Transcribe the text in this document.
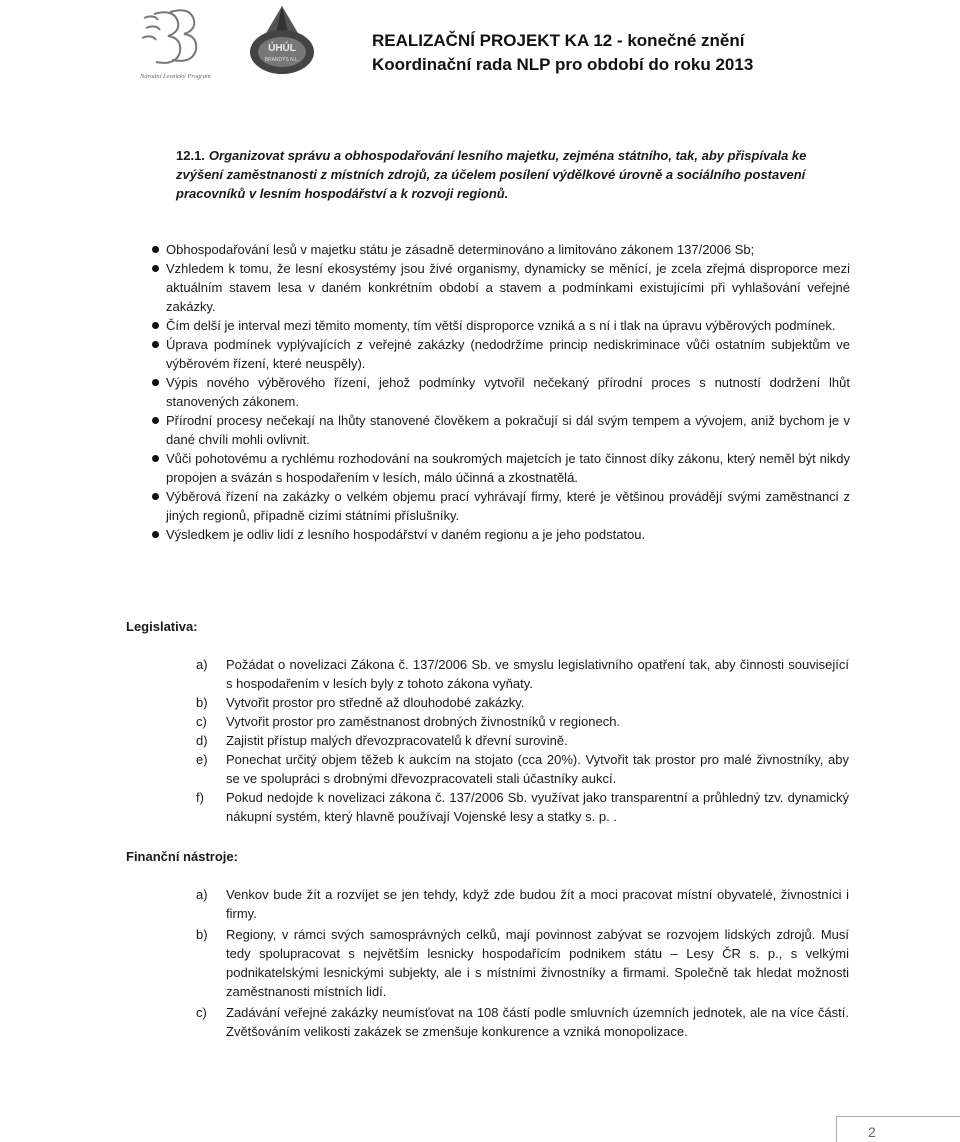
Národní Lesnický Program
ÚHÚL
BRANDÝS N.L.
REALIZAČNÍ PROJEKT KA 12 - konečné znění
Koordinační rada NLP pro období do roku 2013
12.1. Organizovat správu a obhospodařování lesního majetku, zejména státního, tak, aby přispívala ke zvýšení zaměstnanosti z místních zdrojů, za účelem posílení výdělkové úrovně a sociálního postavení pracovníků v lesním hospodářství a k rozvoji regionů.
Obhospodařování lesů v majetku státu je zásadně determinováno a limitováno zákonem 137/2006 Sb;
Vzhledem k tomu, že lesní ekosystémy jsou živé organismy, dynamicky se měnící, je zcela zřejmá disproporce mezi aktuálním stavem lesa v daném konkrétním období a stavem a podmínkami existujícími při vyhlašování veřejné zakázky.
Čím delší je interval mezi těmito momenty, tím větší disproporce vzniká a s ní i tlak na úpravu výběrových podmínek.
Úprava podmínek vyplývajících z veřejné zakázky (nedodržíme princip nediskriminace vůči ostatním subjektům ve výběrovém řízení, které neuspěly).
Výpis nového výběrového řízení, jehož podmínky vytvořil nečekaný přírodní proces s nutností dodržení lhůt stanovených zákonem.
Přírodní procesy nečekají na lhůty stanovené člověkem a pokračují si dál svým tempem a vývojem, aniž bychom je v dané chvíli mohli ovlivnit.
Vůči pohotovému a rychlému rozhodování na soukromých majetcích je tato činnost díky zákonu, který neměl být nikdy propojen a svázán s hospodařením v lesích, málo účinná a zkostnatělá.
Výběrová řízení na zakázky o velkém objemu prací vyhrávají firmy, které je většinou provádějí svými zaměstnanci z jiných regionů, případně cizími státními příslušníky.
Výsledkem je odliv lidí z lesního hospodářství v daném regionu a je jeho podstatou.
Legislativa:
a) Požádat o novelizaci Zákona č. 137/2006 Sb. ve smyslu legislativního opatření tak, aby činnosti související s hospodařením v lesích byly z tohoto zákona vyňaty.
b) Vytvořit prostor pro středně až dlouhodobé zakázky.
c) Vytvořit prostor pro zaměstnanost drobných živnostníků v regionech.
d) Zajistit přístup malých dřevozpracovatelů k dřevní surovině.
e) Ponechat určitý objem těžeb k aukcím na stojato (cca 20%). Vytvořit tak prostor pro malé živnostníky, aby se ve spolupráci s drobnými dřevozpracovateli stali účastníky aukcí.
f) Pokud nedojde k novelizaci zákona č. 137/2006 Sb. využívat jako transparentní a průhledný tzv. dynamický nákupní systém, který hlavně používají Vojenské lesy a statky s. p. .
Finanční nástroje:
a) Venkov bude žít a rozvíjet se jen tehdy, když zde budou žít a moci pracovat místní obyvatelé, živnostníci i firmy.
b) Regiony, v rámci svých samosprávných celků, mají povinnost zabývat se rozvojem lidských zdrojů. Musí tedy spolupracovat s největším lesnicky hospodařícím podnikem státu – Lesy ČR s. p., s velkými podnikatelskými lesnickými subjekty, ale i s místními živnostníky a firmami. Společně tak hledat možnosti zaměstnanosti místních lidí.
c) Zadávání veřejné zakázky neumísťovat na 108 částí podle smluvních územních jednotek, ale na více částí. Zvětšováním velikosti zakázek se zmenšuje konkurence a vzniká monopolizace.
2
